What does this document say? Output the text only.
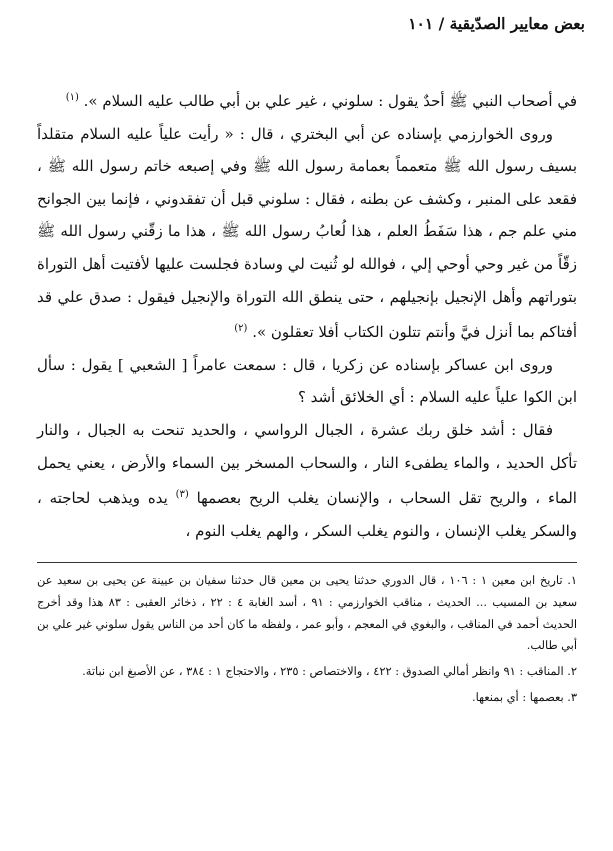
بعض معايير الصدّيقية / ١٠١

في أصحاب النبي ﷺ أحدٌ يقول : سلوني ، غير علي بن أبي طالب عليه السلام ». $^{(١)}$

وروى الخوارزمي بإسناده عن أبي البختري ، قال : « رأيت علياً عليه السلام متقلداً بسيف رسول الله ﷺ متعمماً بعمامة رسول الله ﷺ وفي إصبعه خاتم رسول الله ﷺ ، فقعد على المنبر ، وكشف عن بطنه ، فقال : سلوني قبل أن تفقدوني ، فإنما بين الجوانح مني علم جم ، هذا سَفَطُ العلم ، هذا لُعابُ رسول الله ﷺ ، هذا ما زقّني رسول الله ﷺ زقّاً من غير وحي أوحي إلي ، فوالله لو ثُنيت لي وسادة فجلست عليها لأفتيت أهل التوراة بتوراتهم وأهل الإنجيل بإنجيلهم ، حتى ينطق الله التوراة والإنجيل فيقول : صدق علي قد أفتاكم بما أنزل فيَّ وأنتم تتلون الكتاب أفلا تعقلون ». $^{(٢)}$

وروى ابن عساكر بإسناده عن زكريا ، قال : سمعت عامراً [ الشعبي ] يقول : سأل ابن الكوا علياً عليه السلام : أي الخلائق أشد ؟

فقال : أشد خلق ربك عشرة ، الجبال الرواسي ، والحديد تنحت به الجبال ، والنار تأكل الحديد ، والماء يطفىء النار ، والسحاب المسخر بين السماء والأرض ، يعني يحمل الماء ، والريح تقل السحاب ، والإنسان يغلب الريح بعصمها $^{(٣)}$ يده ويذهب لحاجته ، والسكر يغلب الإنسان ، والنوم يغلب السكر ، والهم يغلب النوم ،

١. تاريخ ابن معين ١ : ١٠٦ ، قال الدوري حدثنا يحيى بن معين قال حدثنا سفيان بن عيينة عن يحيى بن سعيد عن سعيد بن المسيب ... الحديث ، مناقب الخوارزمي : ٩١ ، أسد الغابة ٤ : ٢٢ ، ذخائر العقبى : ٨٣ هذا وقد أخرج الحديث أحمد في المناقب ، والبغوي في المعجم ، وأبو عمر ، ولفظه ما كان أحد من الناس يقول سلوني غير علي بن أبي طالب.

٢. المناقب : ٩١ وانظر أمالي الصدوق : ٤٢٢ ، والاختصاص : ٢٣٥ ، والاحتجاج ١ : ٣٨٤ ، عن الأصبغ ابن نباتة.

٣. بعصمها : أي بمنعها.
